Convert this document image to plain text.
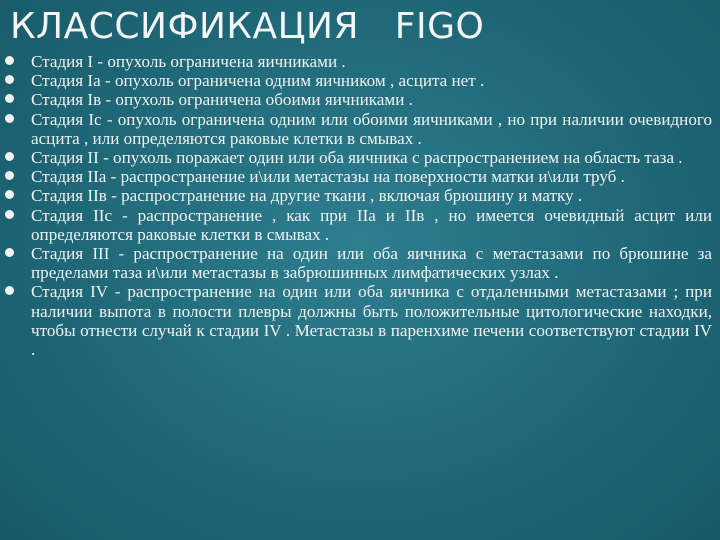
КЛАССИФИКАЦИЯ   FIGO
Стадия I - опухоль ограничена яичниками .
Стадия Ia - опухоль ограничена одним яичником , асцита нет .
Стадия Iв - опухоль ограничена обоими яичниками .
Стадия Ic - опухоль ограничена одним или обоими яичниками , но при наличии очевидного асцита , или определяются раковые клетки в смывах .
Стадия II - опухоль поражает один или оба яичника с распространением на область таза .
Стадия IIa - распространение и\или метастазы на поверхности матки и\или труб .
Стадия IIв - распространение на другие ткани , включая брюшину и матку .
Стадия IIc - распространение , как при IIa и IIв , но имеется очевидный асцит или определяются раковые клетки в смывах .
Стадия III - распространение на один или оба яичника с метастазами по брюшине за пределами таза и\или метастазы в забрюшинных лимфатических узлах .
Стадия IV - распространение на один или оба яичника с отдаленными метастазами ; при наличии выпота в полости плевры должны быть положительные цитологические находки, чтобы отнести случай к стадии IV . Метастазы в паренхиме печени соответствуют стадии IV .
